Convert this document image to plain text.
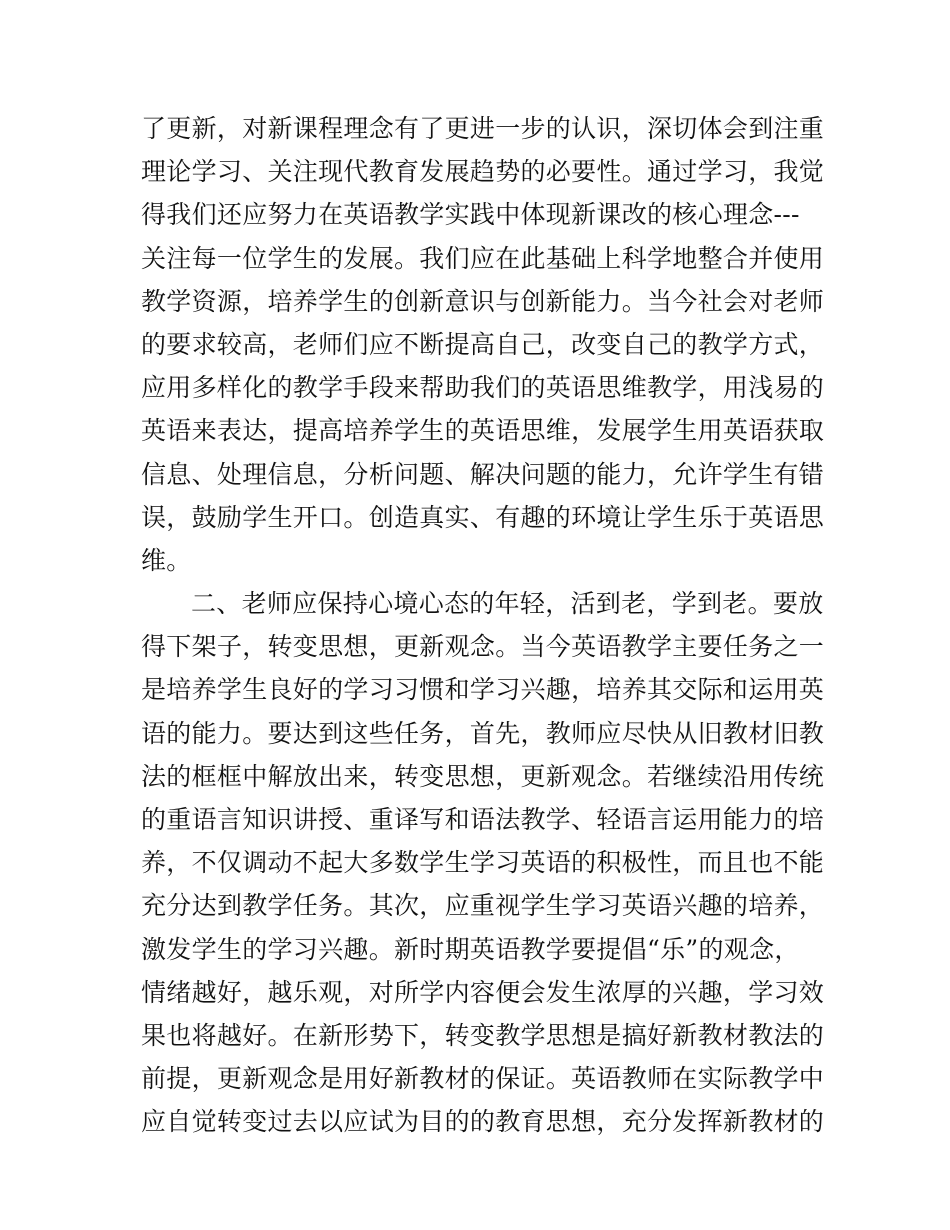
了更新，对新课程理念有了更进一步的认识，深切体会到注重
理论学习、关注现代教育发展趋势的必要性。通过学习，我觉
得我们还应努力在英语教学实践中体现新课改的核心理念---
关注每一位学生的发展。我们应在此基础上科学地整合并使用
教学资源，培养学生的创新意识与创新能力。当今社会对老师
的要求较高，老师们应不断提高自己，改变自己的教学方式，
应用多样化的教学手段来帮助我们的英语思维教学，用浅易的
英语来表达，提高培养学生的英语思维，发展学生用英语获取
信息、处理信息，分析问题、解决问题的能力，允许学生有错
误，鼓励学生开口。创造真实、有趣的环境让学生乐于英语思
维。
二、老师应保持心境心态的年轻，活到老，学到老。要放
得下架子，转变思想，更新观念。当今英语教学主要任务之一
是培养学生良好的学习习惯和学习兴趣，培养其交际和运用英
语的能力。要达到这些任务，首先，教师应尽快从旧教材旧教
法的框框中解放出来，转变思想，更新观念。若继续沿用传统
的重语言知识讲授、重译写和语法教学、轻语言运用能力的培
养，不仅调动不起大多数学生学习英语的积极性，而且也不能
充分达到教学任务。其次，应重视学生学习英语兴趣的培养，
激发学生的学习兴趣。新时期英语教学要提倡“乐”的观念，
情绪越好，越乐观，对所学内容便会发生浓厚的兴趣，学习效
果也将越好。在新形势下，转变教学思想是搞好新教材教法的
前提，更新观念是用好新教材的保证。英语教师在实际教学中
应自觉转变过去以应试为目的的教育思想，充分发挥新教材的
